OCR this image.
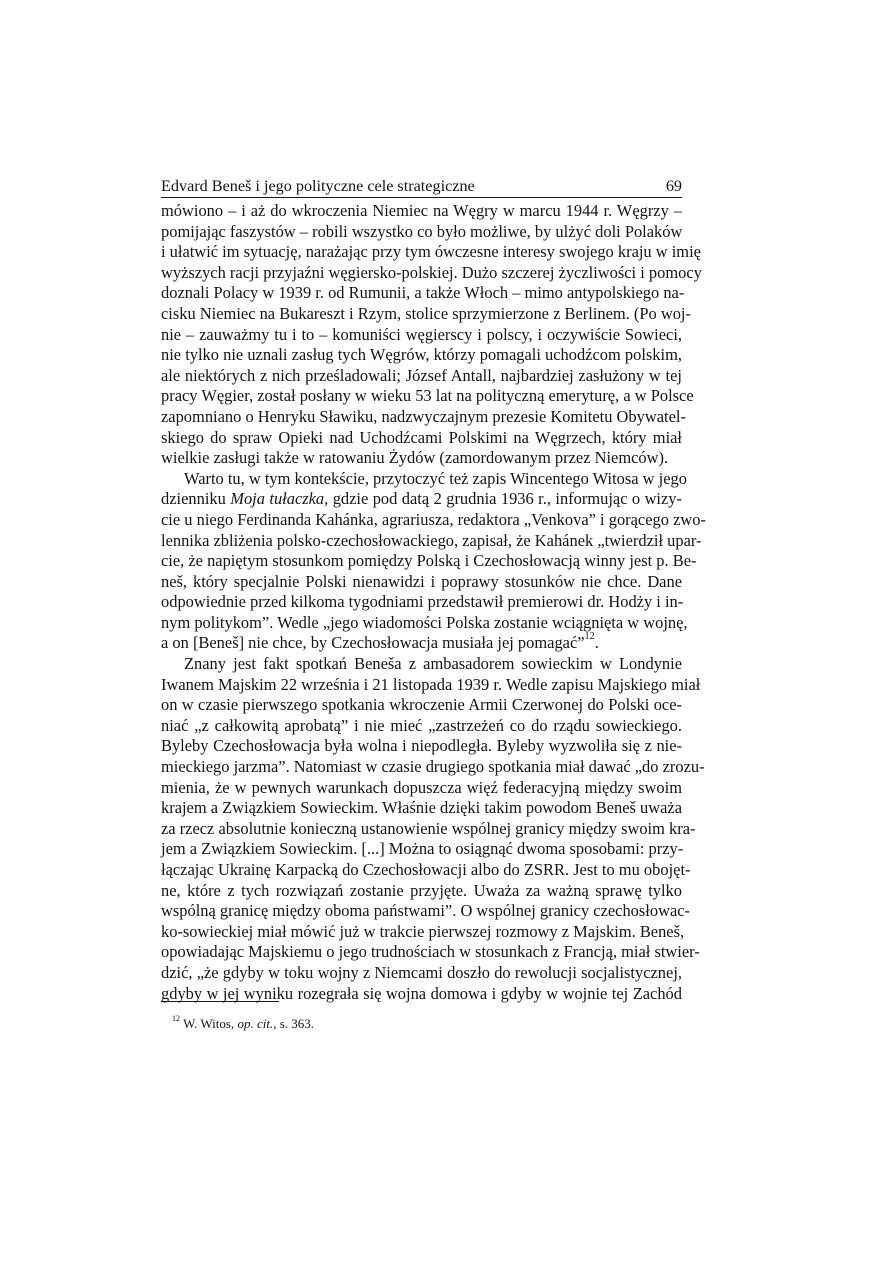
Edvard Beneš i jego polityczne cele strategiczne	69
mówiono – i aż do wkroczenia Niemiec na Węgry w marcu 1944 r. Węgrzy –
pomijając faszystów – robili wszystko co było możliwe, by ulżyć doli Polaków
i ułatwić im sytuację, narażając przy tym ówczesne interesy swojego kraju w imię
wyższych racji przyjaźni węgiersko-polskiej. Dużo szczerej życzliwości i pomocy
doznali Polacy w 1939 r. od Rumunii, a także Włoch – mimo antypolskiego na-
cisku Niemiec na Bukareszt i Rzym, stolice sprzymierzone z Berlinem. (Po woj-
nie – zauważmy tu i to – komuniści węgierscy i polscy, i oczywiście Sowieci,
nie tylko nie uznali zasług tych Węgrów, którzy pomagali uchodźcom polskim,
ale niektórych z nich prześladowali; József Antall, najbardziej zasłużony w tej
pracy Węgier, został posłany w wieku 53 lat na polityczną emeryturę, a w Polsce
zapomniano o Henryku Sławiku, nadzwyczajnym prezesie Komitetu Obywatel-
skiego do spraw Opieki nad Uchodźcami Polskimi na Węgrzech, który miał
wielkie zasługi także w ratowaniu Żydów (zamordowanym przez Niemców).
Warto tu, w tym kontekście, przytoczyć też zapis Wincentego Witosa w jego
dzienniku Moja tułaczka, gdzie pod datą 2 grudnia 1936 r., informując o wizy-
cie u niego Ferdinanda Kahánka, agrariusza, redaktora „Venkova” i gorącego zwo-
lennika zbliżenia polsko-czechosłowackiego, zapisał, że Kahánek „twierdził upar-
cie, że napiętym stosunkom pomiędzy Polską i Czechosłowacją winny jest p. Be-
neš, który specjalnie Polski nienawidzi i poprawy stosunków nie chce. Dane
odpowiednie przed kilkoma tygodniami przedstawił premierowi dr. Hodży i in-
nym politykom”. Wedle „jego wiadomości Polska zostanie wciągnięta w wojnę,
a on [Beneš] nie chce, by Czechosłowacja musiała jej pomagać”$^{12}$.
Znany jest fakt spotkań Beneša z ambasadorem sowieckim w Londynie
Iwanem Majskim 22 września i 21 listopada 1939 r. Wedle zapisu Majskiego miał
on w czasie pierwszego spotkania wkroczenie Armii Czerwonej do Polski oce-
niać „z całkowitą aprobatą” i nie mieć „zastrzeżeń co do rządu sowieckiego.
Byleby Czechosłowacja była wolna i niepodległa. Byleby wyzwoliła się z nie-
mieckiego jarzma”. Natomiast w czasie drugiego spotkania miał dawać „do zrozu-
mienia, że w pewnych warunkach dopuszcza więź federacyjną między swoim
krajem a Związkiem Sowieckim. Właśnie dzięki takim powodom Beneš uważa
za rzecz absolutnie konieczną ustanowienie wspólnej granicy między swoim kra-
jem a Związkiem Sowieckim. [...] Można to osiągnąć dwoma sposobami: przy-
łączając Ukrainę Karpacką do Czechosłowacji albo do ZSRR. Jest to mu obojęt-
ne, które z tych rozwiązań zostanie przyjęte. Uważa za ważną sprawę tylko
wspólną granicę między oboma państwami”. O wspólnej granicy czechosłowac-
ko-sowieckiej miał mówić już w trakcie pierwszej rozmowy z Majskim. Beneš,
opowiadając Majskiemu o jego trudnościach w stosunkach z Francją, miał stwier-
dzić, „że gdyby w toku wojny z Niemcami doszło do rewolucji socjalistycznej,
gdyby w jej wyniku rozegrała się wojna domowa i gdyby w wojnie tej Zachód
$^{12}$ W. Witos, op. cit., s. 363.
